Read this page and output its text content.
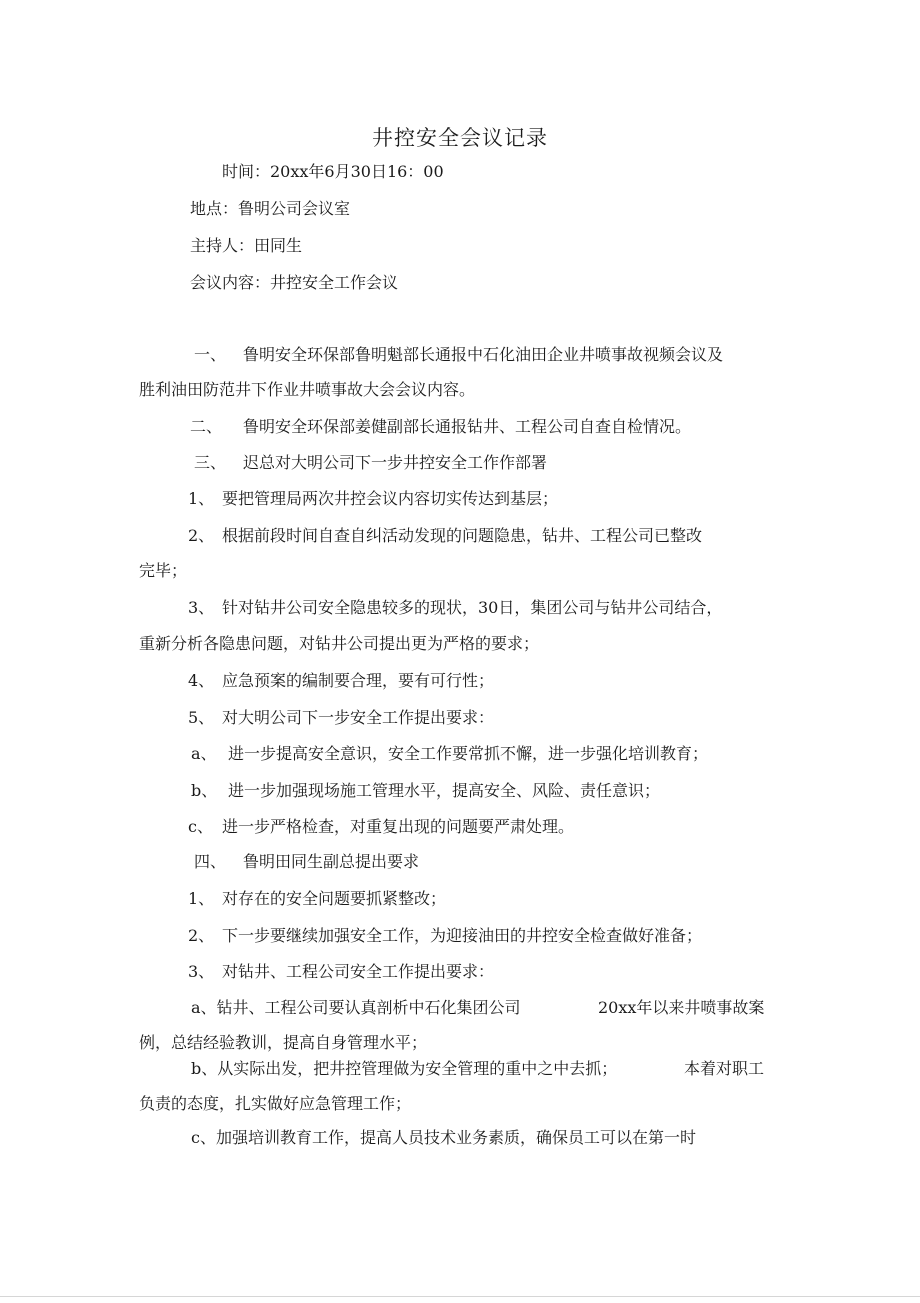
井控安全会议记录
时间：20xx年6月30日16：00
地点：鲁明公司会议室
主持人：田同生
会议内容：井控安全工作会议
一、 鲁明安全环保部鲁明魁部长通报中石化油田企业井喷事故视频会议及
胜利油田防范井下作业井喷事故大会会议内容。
二、 鲁明安全环保部姜健副部长通报钻井、工程公司自查自检情况。
三、 迟总对大明公司下一步井控安全工作作部署
1、 要把管理局两次井控会议内容切实传达到基层；
2、 根据前段时间自查自纠活动发现的问题隐患，钻井、工程公司已整改
完毕；
3、 针对钻井公司安全隐患较多的现状，30日，集团公司与钻井公司结合，
重新分析各隐患问题，对钻井公司提出更为严格的要求；
4、 应急预案的编制要合理，要有可行性；
5、 对大明公司下一步安全工作提出要求：
a、 进一步提高安全意识，安全工作要常抓不懈，进一步强化培训教育；
b、 进一步加强现场施工管理水平，提高安全、风险、责任意识；
c、 进一步严格检查，对重复出现的问题要严肃处理。
四、 鲁明田同生副总提出要求
1、 对存在的安全问题要抓紧整改；
2、 下一步要继续加强安全工作，为迎接油田的井控安全检查做好准备；
3、 对钻井、工程公司安全工作提出要求：
a、钻井、工程公司要认真剖析中石化集团公司	20xx年以来井喷事故案
例，总结经验教训，提高自身管理水平；
b、从实际出发，把井控管理做为安全管理的重中之中去抓；	本着对职工
负责的态度，扎实做好应急管理工作；
c、加强培训教育工作，提高人员技术业务素质，确保员工可以在第一时
